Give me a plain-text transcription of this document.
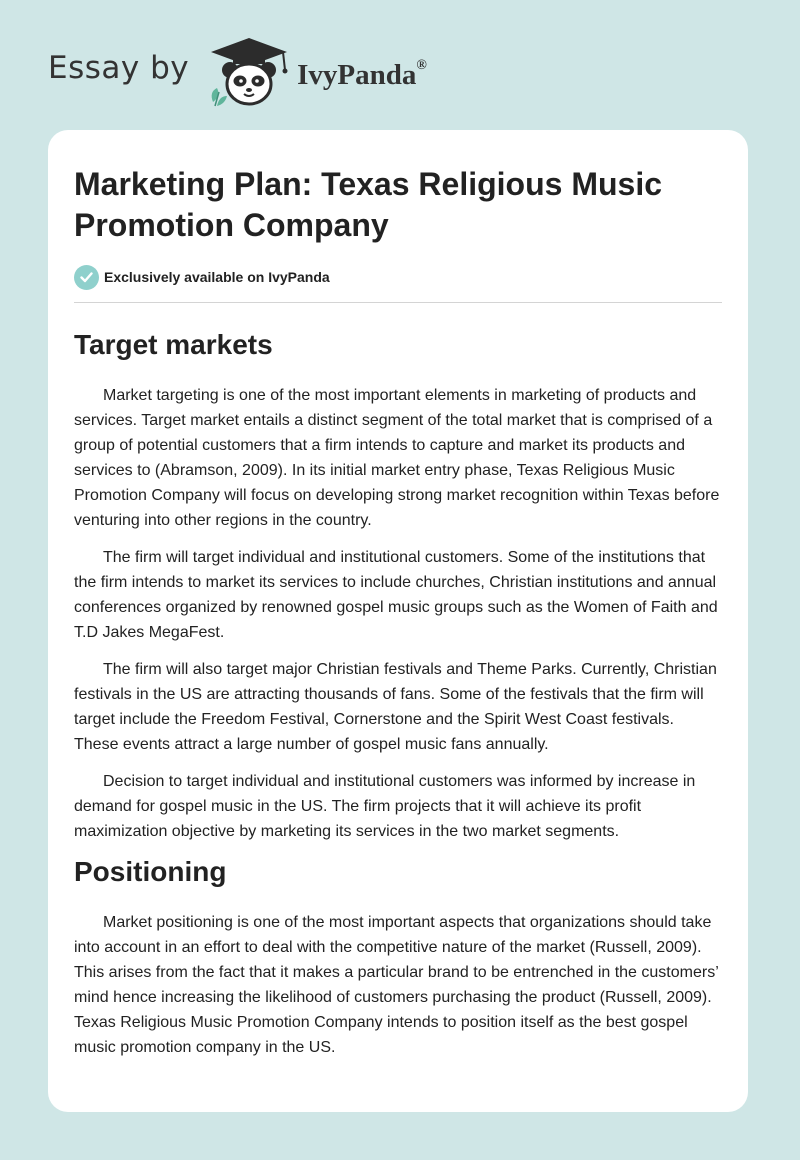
Essay by	IvyPanda®
Marketing Plan: Texas Religious Music Promotion Company
Exclusively available on IvyPanda
Target markets

Market targeting is one of the most important elements in marketing of products and services. Target market entails a distinct segment of the total market that is comprised of a group of potential customers that a firm intends to capture and market its products and services to (Abramson, 2009). In its initial market entry phase, Texas Religious Music Promotion Company will focus on developing strong market recognition within Texas before venturing into other regions in the country.

The firm will target individual and institutional customers. Some of the institutions that the firm intends to market its services to include churches, Christian institutions and annual conferences organized by renowned gospel music groups such as the Women of Faith and T.D Jakes MegaFest.

The firm will also target major Christian festivals and Theme Parks. Currently, Christian festivals in the US are attracting thousands of fans. Some of the festivals that the firm will target include the Freedom Festival, Cornerstone and the Spirit West Coast festivals. These events attract a large number of gospel music fans annually.

Decision to target individual and institutional customers was informed by increase in demand for gospel music in the US. The firm projects that it will achieve its profit maximization objective by marketing its services in the two market segments.

Positioning

Market positioning is one of the most important aspects that organizations should take into account in an effort to deal with the competitive nature of the market (Russell, 2009). This arises from the fact that it makes a particular brand to be entrenched in the customers’ mind hence increasing the likelihood of customers purchasing the product (Russell, 2009). Texas Religious Music Promotion Company intends to position itself as the best gospel music promotion company in the US.
